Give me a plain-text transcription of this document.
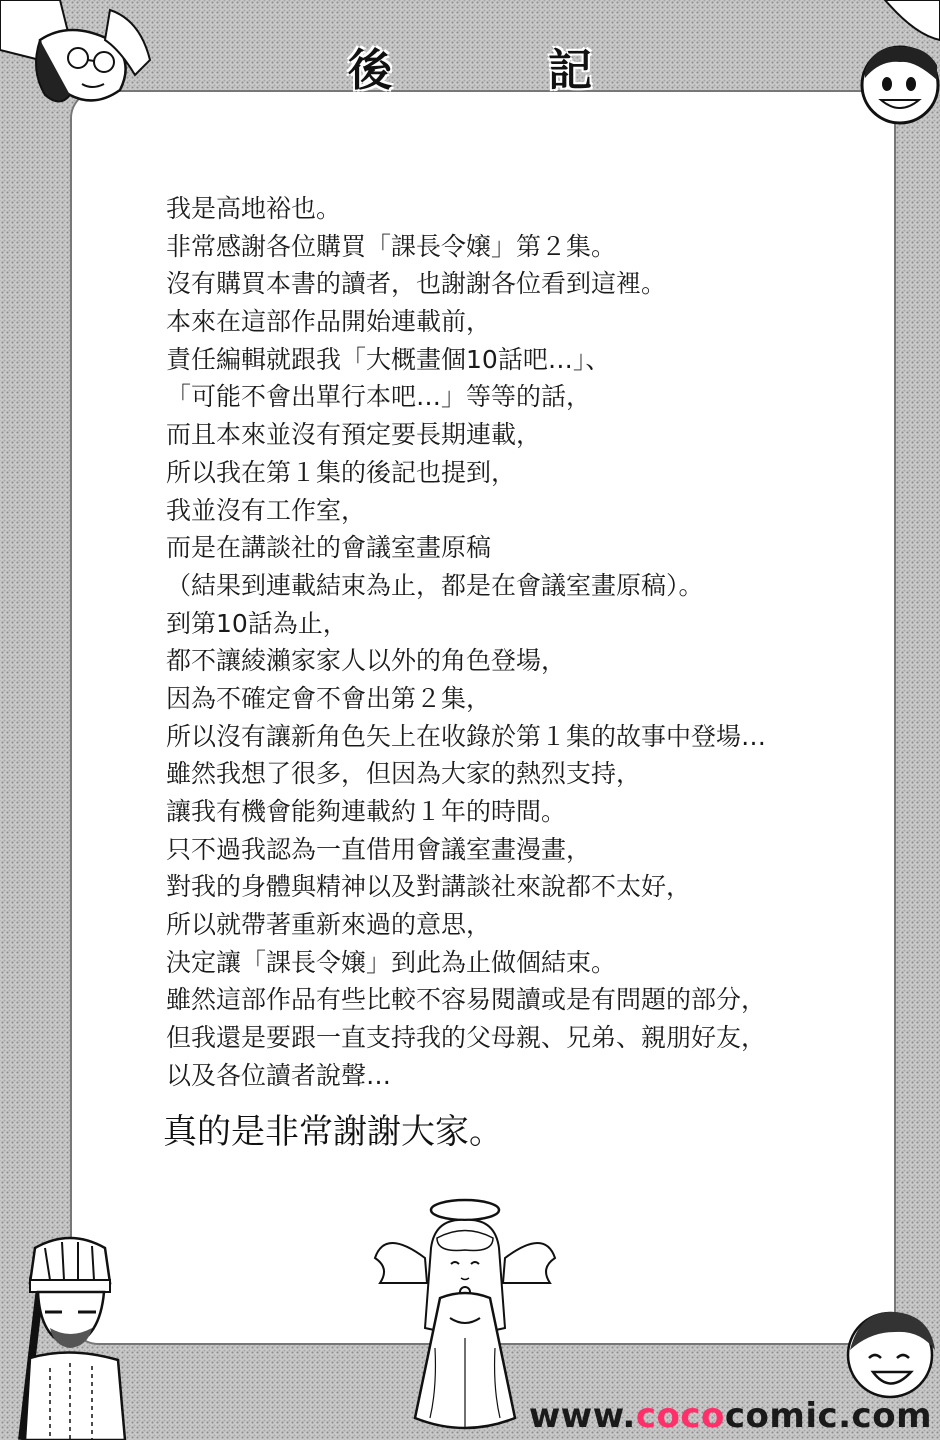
後　記
我是高地裕也。
非常感謝各位購買「課長令嬢」第２集。
沒有購買本書的讀者，也謝謝各位看到這裡。
本來在這部作品開始連載前，
責任編輯就跟我「大概畫個10話吧…」、
「可能不會出單行本吧…」等等的話，
而且本來並沒有預定要長期連載，
所以我在第１集的後記也提到，
我並沒有工作室，
而是在講談社的會議室畫原稿
（結果到連載結束為止，都是在會議室畫原稿）。
到第10話為止，
都不讓綾瀨家家人以外的角色登場，
因為不確定會不會出第２集，
所以沒有讓新角色矢上在收錄於第１集的故事中登場…
雖然我想了很多，但因為大家的熱烈支持，
讓我有機會能夠連載約１年的時間。
只不過我認為一直借用會議室畫漫畫，
對我的身體與精神以及對講談社來說都不太好，
所以就帶著重新來過的意思，
決定讓「課長令嬢」到此為止做個結束。
雖然這部作品有些比較不容易閱讀或是有問題的部分，
但我還是要跟一直支持我的父母親、兄弟、親朋好友，
以及各位讀者說聲…
真的是非常謝謝大家。
www.cococomic.com
